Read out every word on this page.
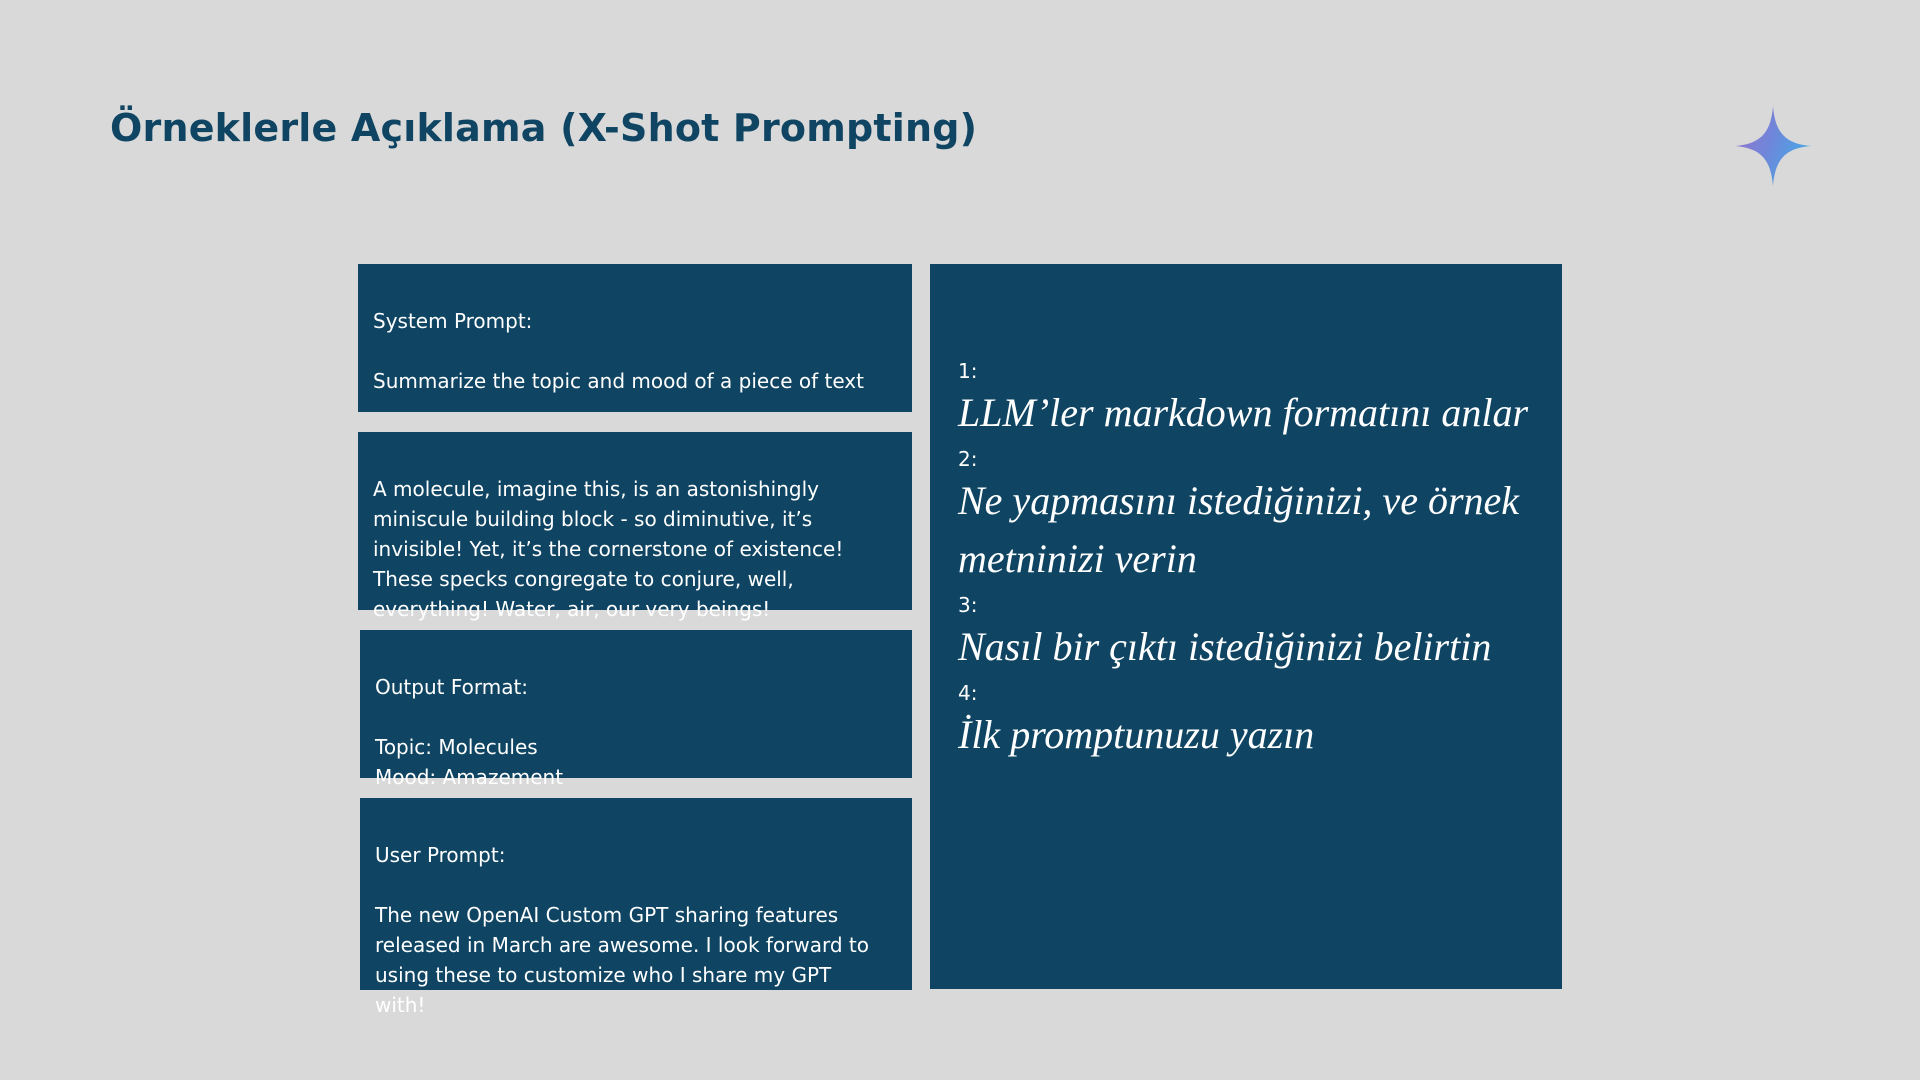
Örneklerle Açıklama (X-Shot Prompting)

System Prompt:

Summarize the topic and mood of a piece of text

A molecule, imagine this, is an astonishingly miniscule building block - so diminutive, it’s invisible! Yet, it’s the cornerstone of existence! These specks congregate to conjure, well, everything! Water, air, our very beings!

Output Format:

Topic: Molecules
Mood: Amazement

User Prompt:

The new OpenAI Custom GPT sharing features released in March are awesome. I look forward to using these to customize who I share my GPT with!

1:
LLM’ler markdown formatını anlar
2:
Ne yapmasını istediğinizi, ve örnek metninizi verin
3:
Nasıl bir çıktı istediğinizi belirtin
4:
İlk promptunuzu yazın
